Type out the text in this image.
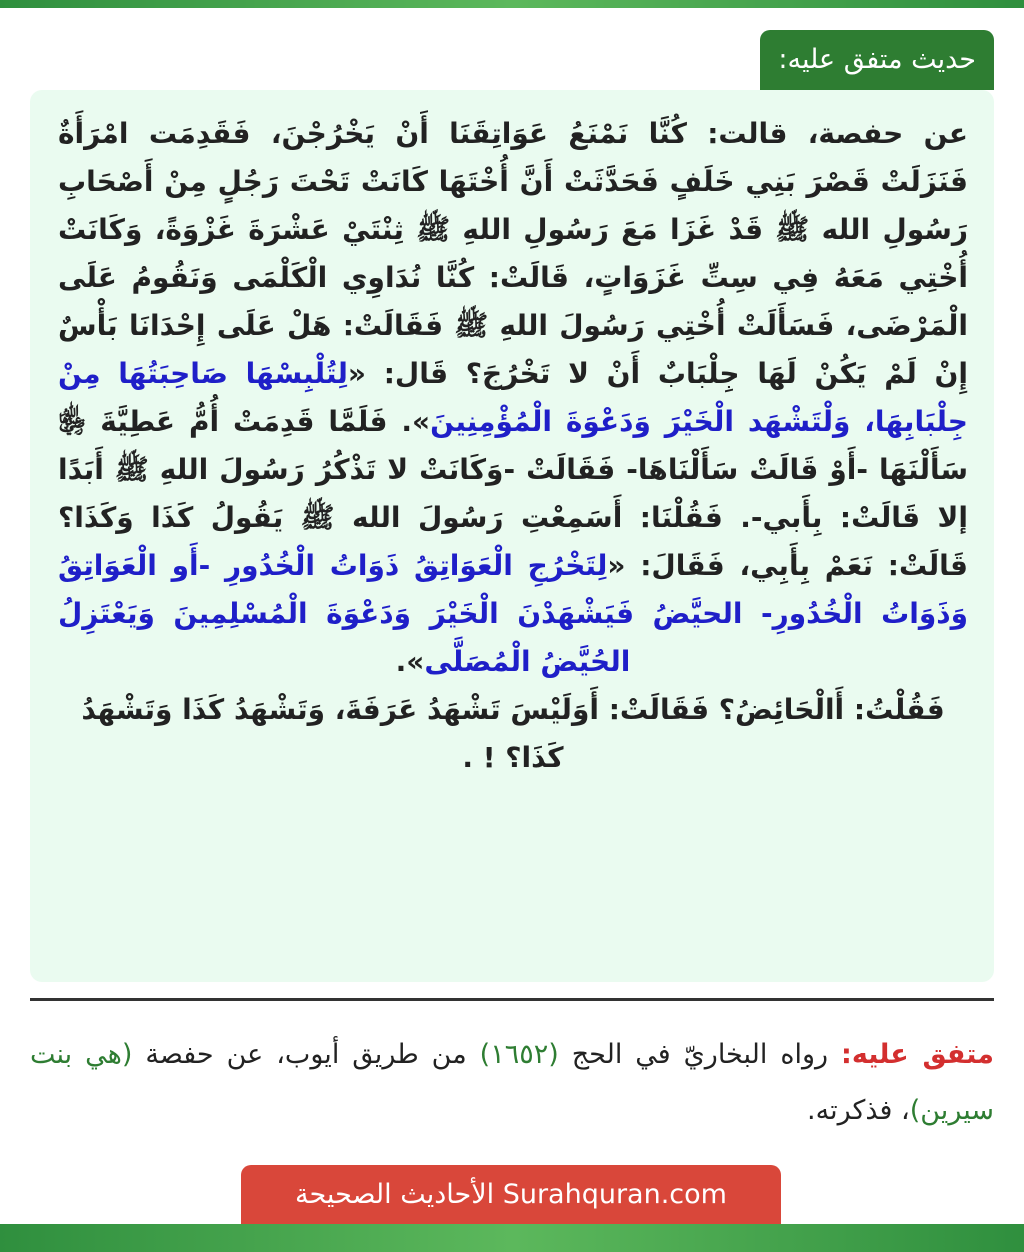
حديث متفق عليه:
عن حفصة، قالت: كُنَّا نَمْنَعُ عَوَاتِقَنَا أَنْ يَخْرُجْنَ، فَقَدِمَت امْرَأَةٌ فَنَزَلَتْ قَصْرَ بَنِي خَلَفٍ فَحَدَّثَتْ أَنَّ أُخْتَهَا كَانَتْ تَحْتَ رَجُلٍ مِنْ أَصْحَابِ رَسُولِ الله ﷺ قَدْ غَزَا مَعَ رَسُولِ اللهِ ﷺ ثِنْتَيْ عَشْرَةَ غَزْوَةً، وَكَانَتْ أُخْتِي مَعَهُ فِي سِتِّ غَزَوَاتٍ، قَالَتْ: كُنَّا نُدَاوِي الْكَلْمَى وَنَقُومُ عَلَى الْمَرْضَى، فَسَأَلَتْ أُخْتِي رَسُولَ اللهِ ﷺ فَقَالَتْ: هَلْ عَلَى إِحْدَانَا بَأْسٌ إِنْ لَمْ يَكُنْ لَهَا جِلْبَابٌ أَنْ لا تَخْرُجَ؟ قَال: «لِتُلْبِسْهَا صَاحِبَتُهَا مِنْ جِلْبَابِهَا، وَلْتَشْهَد الْخَيْرَ وَدَعْوَةَ الْمُؤْمِنِينَ». فَلَمَّا قَدِمَتْ أُمُّ عَطِيَّةَ ﵂ سَأَلْنَهَا -أَوْ قَالَتْ سَأَلْنَاهَا- فَقَالَتْ -وَكَانَتْ لا تَذْكُرُ رَسُولَ اللهِ ﷺ أَبَدًا إلا قَالَتْ: بِأَبي-. فَقُلْنَا: أَسَمِعْتِ رَسُولَ الله ﷺ يَقُولُ كَذَا وَكَذَا؟ قَالَتْ: نَعَمْ بِأَبِي، فَقَالَ: «لِتَخْرُجِ الْعَوَاتِقُ ذَوَاتُ الْخُدُورِ -أَو الْعَوَاتِقُ وَذَوَاتُ الْخُدُورِ- الحيَّضُ فَيَشْهَدْنَ الْخَيْرَ وَدَعْوَةَ الْمُسْلِمِينَ وَيَعْتَزِلُ الحُيَّضُ الْمُصَلَّى».
فَقُلْتُ: أَالْحَائِضُ؟ فَقَالَتْ: أَوَلَيْسَ تَشْهَدُ عَرَفَةَ، وَتَشْهَدُ كَذَا وَتَشْهَدُ كَذَا؟ ! .
متفق عليه: رواه البخاريّ في الحج (١٦٥٢) من طريق أيوب، عن حفصة (هي بنت سيرين)، فذكرته.
الأحاديث الصحيحة Surahquran.com
